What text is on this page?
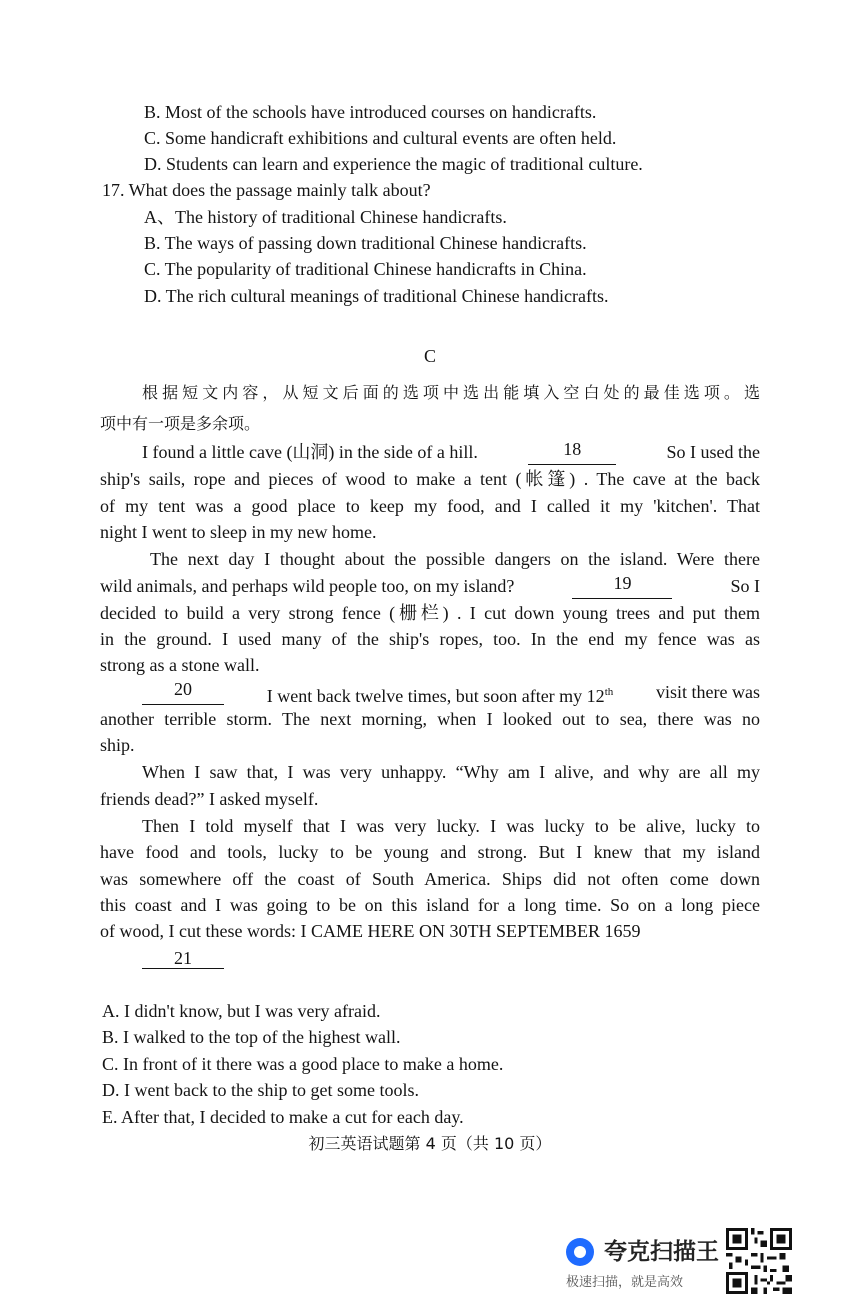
B. Most of the schools have introduced courses on handicrafts.
C. Some handicraft exhibitions and cultural events are often held.
D. Students can learn and experience the magic of traditional culture.
17. What does the passage mainly talk about?
A、The history of traditional Chinese handicrafts.
B. The ways of passing down traditional Chinese handicrafts.
C. The popularity of traditional Chinese handicrafts in China.
D. The rich cultural meanings of traditional Chinese handicrafts.
C
根据短文内容，从短文后面的选项中选出能填入空白处的最佳选项。选
项中有一项是多余项。
I found a little cave (山洞) in the side of a hill.	18	So I used the
ship's sails, rope and pieces of wood to make a tent (帐篷) . The cave at the back
of my tent was a good place to keep my food, and I called it my 'kitchen'. That
night I went to sleep in my new home.
The next day I thought about the possible dangers on the island. Were there
wild animals, and perhaps wild people too, on my island?	19	So I
decided to build a very strong fence (栅栏) . I cut down young trees and put them
in the ground. I used many of the ship's ropes, too. In the end my fence was as
strong as a stone wall.
20	I went back twelve times, but soon after my 12th visit there was
another terrible storm. The next morning, when I looked out to sea, there was no
ship.
When I saw that, I was very unhappy. “Why am I alive, and why are all my
friends dead?” I asked myself.
Then I told myself that I was very lucky. I was lucky to be alive, lucky to
have food and tools, lucky to be young and strong. But I knew that my island
was somewhere off the coast of South America. Ships did not often come down
this coast and I was going to be on this island for a long time. So on a long piece
of wood, I cut these words: I CAME HERE ON 30TH SEPTEMBER 1659
21
A. I didn't know, but I was very afraid.
B. I walked to the top of the highest wall.
C. In front of it there was a good place to make a home.
D. I went back to the ship to get some tools.
E. After that, I decided to make a cut for each day.
初三英语试题第 4 页（共 10 页）
夸克扫描王
极速扫描，就是高效
